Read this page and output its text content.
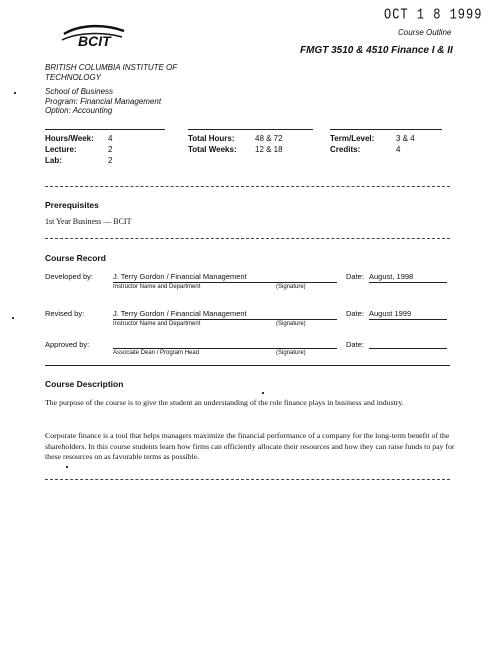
OCT 1 8 1999
Course Outline
FMGT 3510 & 4510 Finance I & II
BCIT
BRITISH COLUMBIA INSTITUTE OF TECHNOLOGY
School of Business
Program: Financial Management
Option: Accounting
Hours/Week: 4
Lecture:	2
Lab:	2
Total Hours:	48 & 72
Total Weeks: 12 & 18
Term/Level:	3 & 4
Credits:	4
Prerequisites
1st Year Business — BCIT
Course Record
Developed by:	J. Terry Gordon / Financial Management
Instructor Name and Department	(Signature)
Date: August, 1998
Revised by:	J. Terry Gordon / Financial Management
Instructor Name and Department	(Signature)
Date: August 1999
Approved by:
Associate Dean / Program Head	(Signature)
Date:
Course Description
The purpose of the course is to give the student an understanding of the role finance plays in business and industry.
Corporate finance is a tool that helps managers maximize the financial performance of a company for the long-term benefit of the shareholders. In this course students learn how firms can efficiently allocate their resources and how they can raise funds to pay for these resources on as favorable terms as possible.
